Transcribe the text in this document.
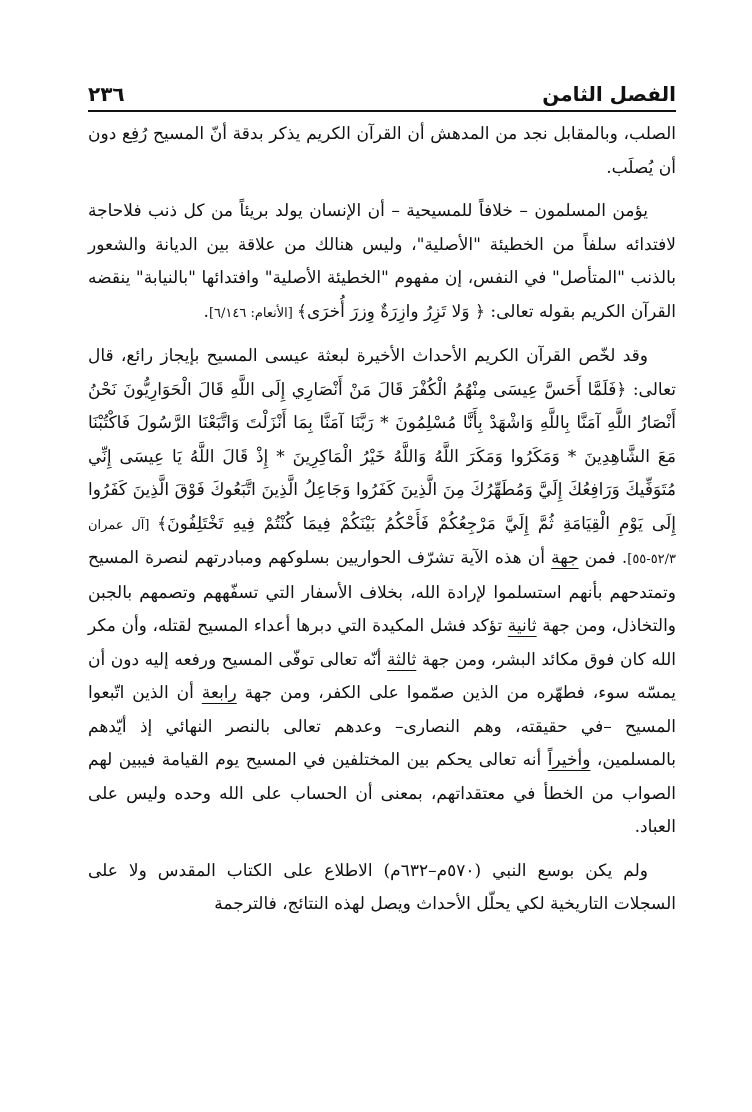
الفصل الثامن
٢٣٦

الصلب، وبالمقابل نجد من المدهش أن القرآن الكريم يذكر بدقة أنّ المسيح رُفِع دون أن يُصلَب.

يؤمن المسلمون – خلافاً للمسيحية – أن الإنسان يولد بريئاً من كل ذنب فلاحاجة لافتدائه سلفاً من الخطيئة "الأصلية"، وليس هنالك من علاقة بين الديانة والشعور بالذنب "المتأصل" في النفس، إن مفهوم "الخطيئة الأصلية" وافتدائها "بالنيابة" ينقضه القرآن الكريم بقوله تعالى: ﴿ وَلا تَزِرُ وازِرَةٌ وِزرَ أُخرَى﴾ [الأنعام: ٦/١٤٦].

وقد لخّص القرآن الكريم الأحداث الأخيرة لبعثة عيسى المسيح بإيجاز رائع، قال تعالى: ﴿فَلَمَّا أَحَسَّ عِيسَى مِنْهُمُ الْكُفْرَ قَالَ مَنْ أَنْصَارِي إِلَى اللَّهِ قَالَ الْحَوَارِيُّونَ نَحْنُ أَنْصَارُ اللَّهِ آمَنَّا بِاللَّهِ وَاشْهَدْ بِأَنَّا مُسْلِمُونَ * رَبَّنَا آمَنَّا بِمَا أَنْزَلْتَ وَاتَّبَعْنَا الرَّسُولَ فَاكْتُبْنَا مَعَ الشَّاهِدِينَ * وَمَكَرُوا وَمَكَرَ اللَّهُ وَاللَّهُ خَيْرُ الْمَاكِرِينَ * إِذْ قَالَ اللَّهُ يَا عِيسَى إِنِّي مُتَوَفِّيكَ وَرَافِعُكَ إِلَيَّ وَمُطَهِّرُكَ مِنَ الَّذِينَ كَفَرُوا وَجَاعِلُ الَّذِينَ اتَّبَعُوكَ فَوْقَ الَّذِينَ كَفَرُوا إِلَى يَوْمِ الْقِيَامَةِ ثُمَّ إِلَيَّ مَرْجِعُكُمْ فَأَحْكُمُ بَيْنَكُمْ فِيمَا كُنْتُمْ فِيهِ تَخْتَلِفُونَ﴾ [آل عمران ٥٢/٣-٥٥]. فمن جهة أن هذه الآية تشرّف الحواريين بسلوكهم ومبادرتهم لنصرة المسيح وتمتدحهم بأنهم استسلموا لإرادة الله، بخلاف الأسفار التي تسفّههم وتصمهم بالجبن والتخاذل، ومن جهة ثانية تؤكد فشل المكيدة التي دبرها أعداء المسيح لقتله، وأن مكر الله كان فوق مكائد البشر، ومن جهة ثالثة أنّه تعالى توفّى المسيح ورفعه إليه دون أن يمسّه سوء، فطهّره من الذين صمّموا على الكفر، ومن جهة رابعة أن الذين اتّبعوا المسيح –في حقيقته، وهم النصارى– وعدهم تعالى بالنصر النهائي إذ أيّدهم بالمسلمين، وأخيراً أنه تعالى يحكم بين المختلفين في المسيح يوم القيامة فيبين لهم الصواب من الخطأ في معتقداتهم، بمعنى أن الحساب على الله وحده وليس على العباد.

ولم يكن بوسع النبي (٥٧٠م–٦٣٢م) الاطلاع على الكتاب المقدس ولا على السجلات التاريخية لكي يحلّل الأحداث ويصل لهذه النتائج، فالترجمة
